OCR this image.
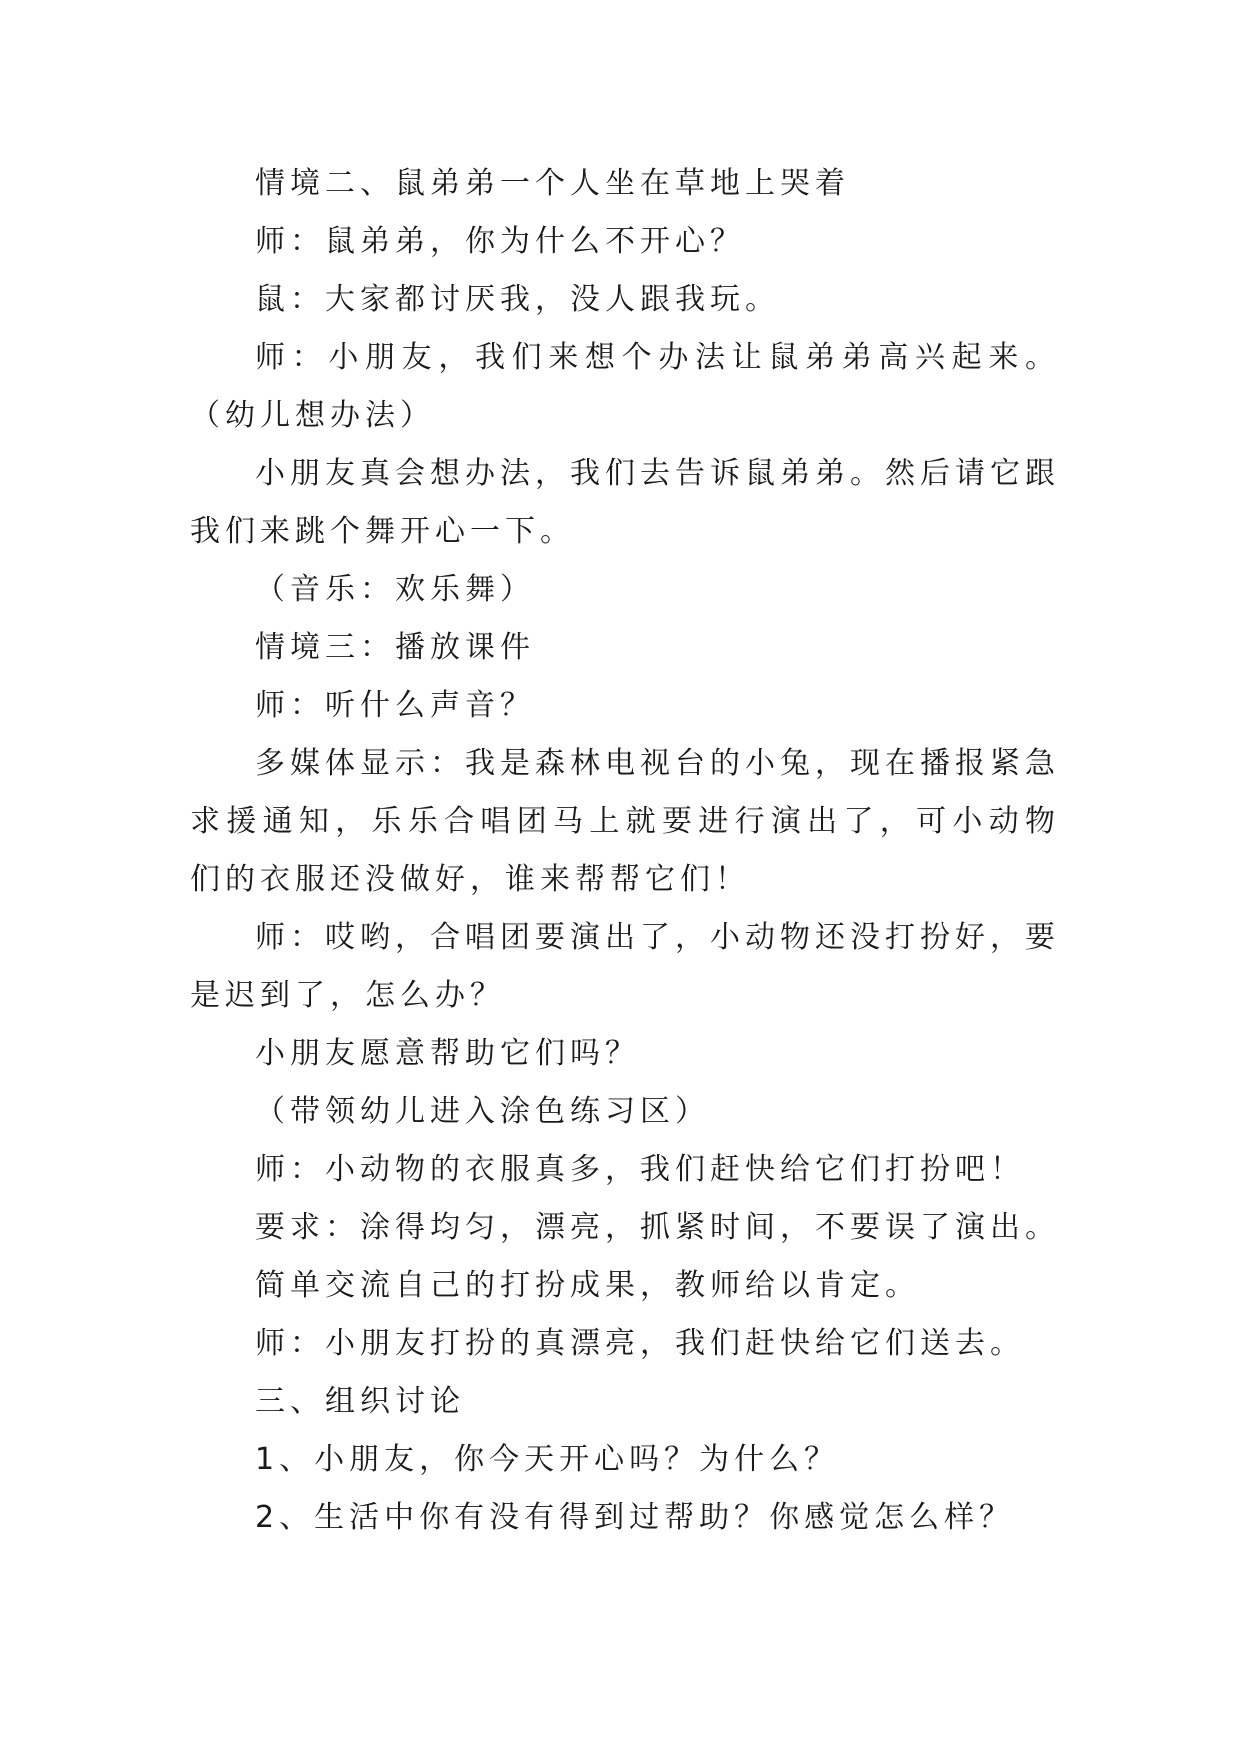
情境二、鼠弟弟一个人坐在草地上哭着

师：鼠弟弟，你为什么不开心？

鼠：大家都讨厌我，没人跟我玩。

师：小朋友，我们来想个办法让鼠弟弟高兴起来。（幼儿想办法）

小朋友真会想办法，我们去告诉鼠弟弟。然后请它跟我们来跳个舞开心一下。

（音乐：欢乐舞）

情境三：播放课件

师：听什么声音？

多媒体显示：我是森林电视台的小兔，现在播报紧急求援通知，乐乐合唱团马上就要进行演出了，可小动物们的衣服还没做好，谁来帮帮它们！

师：哎哟，合唱团要演出了，小动物还没打扮好，要是迟到了，怎么办？

小朋友愿意帮助它们吗？

（带领幼儿进入涂色练习区）

师：小动物的衣服真多，我们赶快给它们打扮吧！

要求：涂得均匀，漂亮，抓紧时间，不要误了演出。

简单交流自己的打扮成果，教师给以肯定。

师：小朋友打扮的真漂亮，我们赶快给它们送去。

三、组织讨论

1、小朋友，你今天开心吗？为什么？

2、生活中你有没有得到过帮助？你感觉怎么样？
